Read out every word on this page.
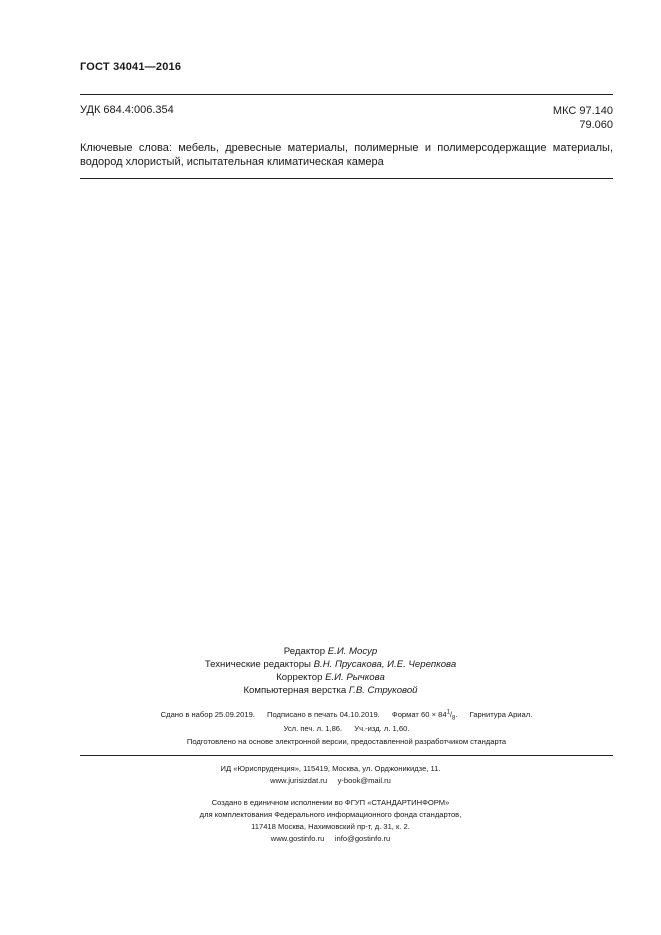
ГОСТ 34041—2016
УДК 684.4:006.354	МКС 97.140
79.060
Ключевые слова: мебель, древесные материалы, полимерные и полимерсодержащие материалы,
водород хлористый, испытательная климатическая камера
Редактор Е.И. Мосур
Технические редакторы В.Н. Прусакова, И.Е. Черепкова
Корректор Е.И. Рычкова
Компьютерная верстка Г.В. Струковой
Сдано в набор 25.09.2019. Подписано в печать 04.10.2019. Формат $60 \times 84^1/_8$. Гарнитура Ариал.
Усл. печ. л. 1,86. Уч.-изд. л. 1,60.
Подготовлено на основе электронной версии, предоставленной разработчиком стандарта
ИД «Юриспруденция», 115419, Москва, ул. Орджоникидзе, 11.
www.jurisizdat.ru     y-book@mail.ru
Создано в единичном исполнении во ФГУП «СТАНДАРТИНФОРМ»
для комплектования Федерального информационного фонда стандартов,
117418 Москва, Нахимовский пр-т, д. 31, к. 2.
www.gostinfo.ru     info@gostinfo.ru
